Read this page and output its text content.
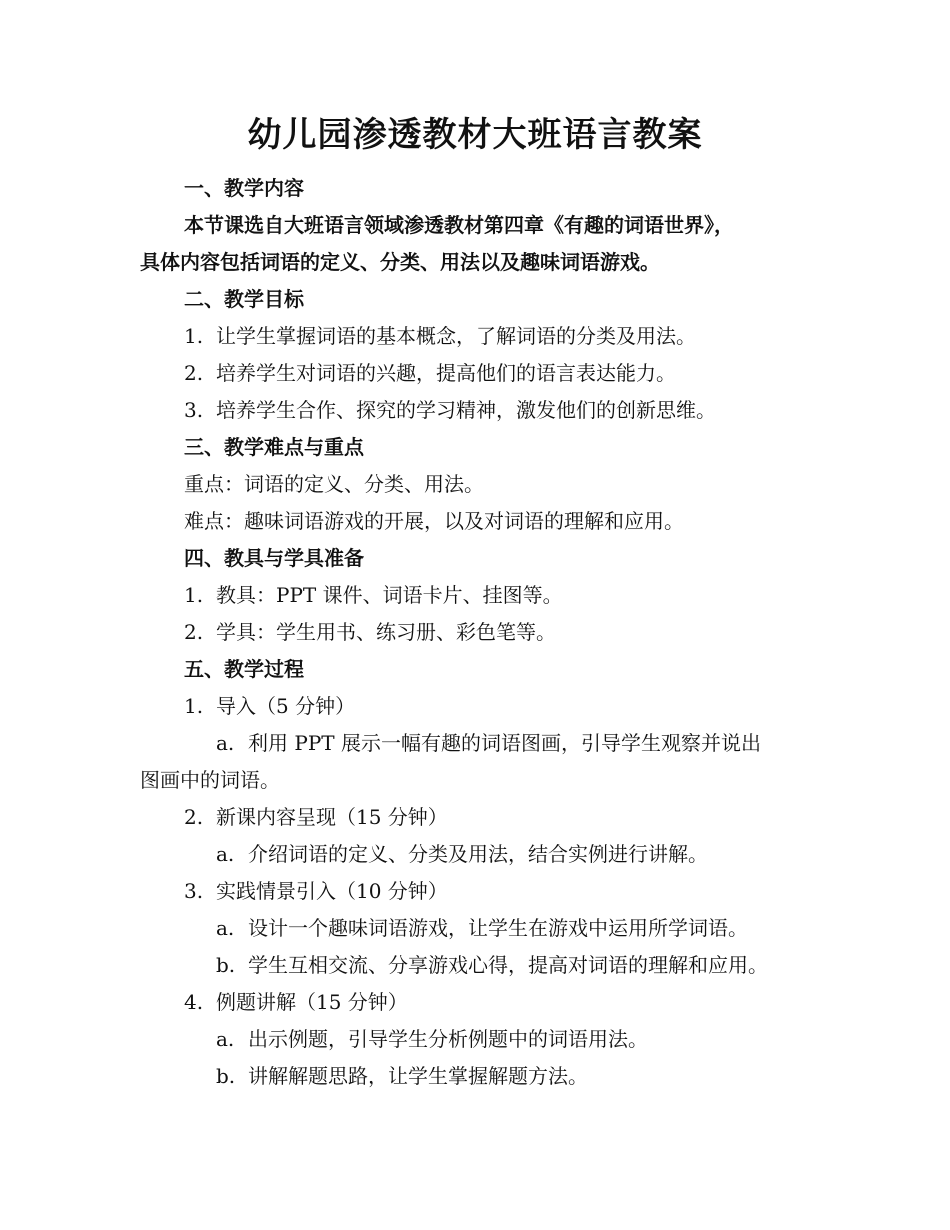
幼儿园渗透教材大班语言教案
一、教学内容
本节课选自大班语言领域渗透教材第四章《有趣的词语世界》，
具体内容包括词语的定义、分类、用法以及趣味词语游戏。
二、教学目标
1. 让学生掌握词语的基本概念，了解词语的分类及用法。
2. 培养学生对词语的兴趣，提高他们的语言表达能力。
3. 培养学生合作、探究的学习精神，激发他们的创新思维。
三、教学难点与重点
重点：词语的定义、分类、用法。
难点：趣味词语游戏的开展，以及对词语的理解和应用。
四、教具与学具准备
1. 教具：PPT 课件、词语卡片、挂图等。
2. 学具：学生用书、练习册、彩色笔等。
五、教学过程
1. 导入（5 分钟）
a. 利用 PPT 展示一幅有趣的词语图画，引导学生观察并说出
图画中的词语。
2. 新课内容呈现（15 分钟）
a. 介绍词语的定义、分类及用法，结合实例进行讲解。
3. 实践情景引入（10 分钟）
a. 设计一个趣味词语游戏，让学生在游戏中运用所学词语。
b. 学生互相交流、分享游戏心得，提高对词语的理解和应用。
4. 例题讲解（15 分钟）
a. 出示例题，引导学生分析例题中的词语用法。
b. 讲解解题思路，让学生掌握解题方法。
